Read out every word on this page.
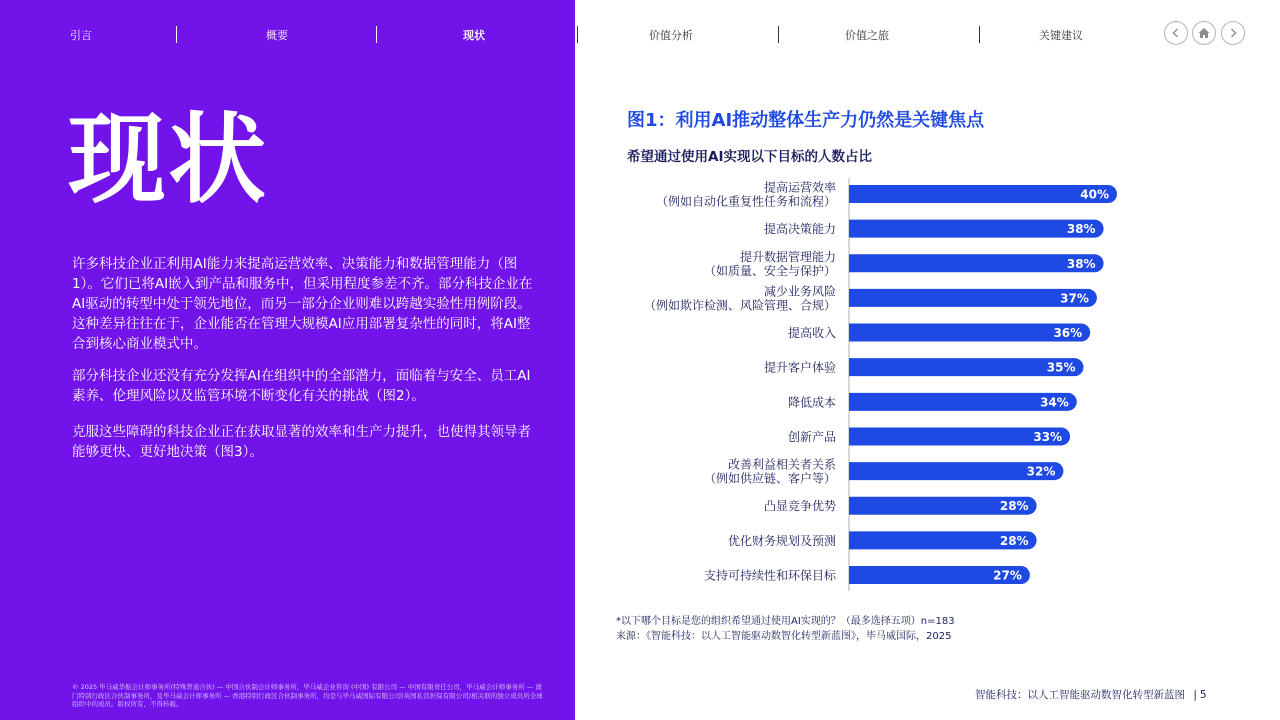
引言	概要	现状	价值分析	价值之旅	关键建议
现状
许多科技企业正利用AI能力来提高运营效率、决策能力和数据管理能力（图1）。它们已将AI嵌入到产品和服务中，但采用程度参差不齐。部分科技企业在AI驱动的转型中处于领先地位，而另一部分企业则难以跨越实验性用例阶段。这种差异往往在于，企业能否在管理大规模AI应用部署复杂性的同时，将AI整合到核心商业模式中。
部分科技企业还没有充分发挥AI在组织中的全部潜力，面临着与安全、员工AI素养、伦理风险以及监管环境不断变化有关的挑战（图2）。
克服这些障碍的科技企业正在获取显著的效率和生产力提升，也使得其领导者能够更快、更好地决策（图3）。
© 2025 毕马威华振会计师事务所(特殊普通合伙) — 中国合伙制会计师事务所，毕马威企业咨询 (中国) 有限公司 — 中国有限责任公司，毕马威会计师事务所 — 澳门特别行政区合伙制事务所，及毕马威会计师事务所 — 香港特别行政区合伙制事务所，均是与毕马威国际有限公司(英国私营担保有限公司)相关联的独立成员所全球组织中的成员。版权所有，不得转载。
图1：利用AI推动整体生产力仍然是关键焦点
希望通过使用AI实现以下目标的人数占比
40%
提高运营效率
（例如自动化重复性任务和流程）
38%
提高决策能力
38%
提升数据管理能力
（如质量、安全与保护）
37%
减少业务风险
（例如欺诈检测、风险管理、合规）
36%
提高收入
35%
提升客户体验
34%
降低成本
33%
创新产品
32%
改善利益相关者关系
（例如供应链、客户等）
28%
凸显竞争优势
28%
优化财务规划及预测
27%
支持可持续性和环保目标
*以下哪个目标是您的组织希望通过使用AI实现的？（最多选择五项）n=183
来源：《智能科技：以人工智能驱动数智化转型新蓝图》，毕马威国际，2025
智能科技：以人工智能驱动数智化转型新蓝图 | 5
